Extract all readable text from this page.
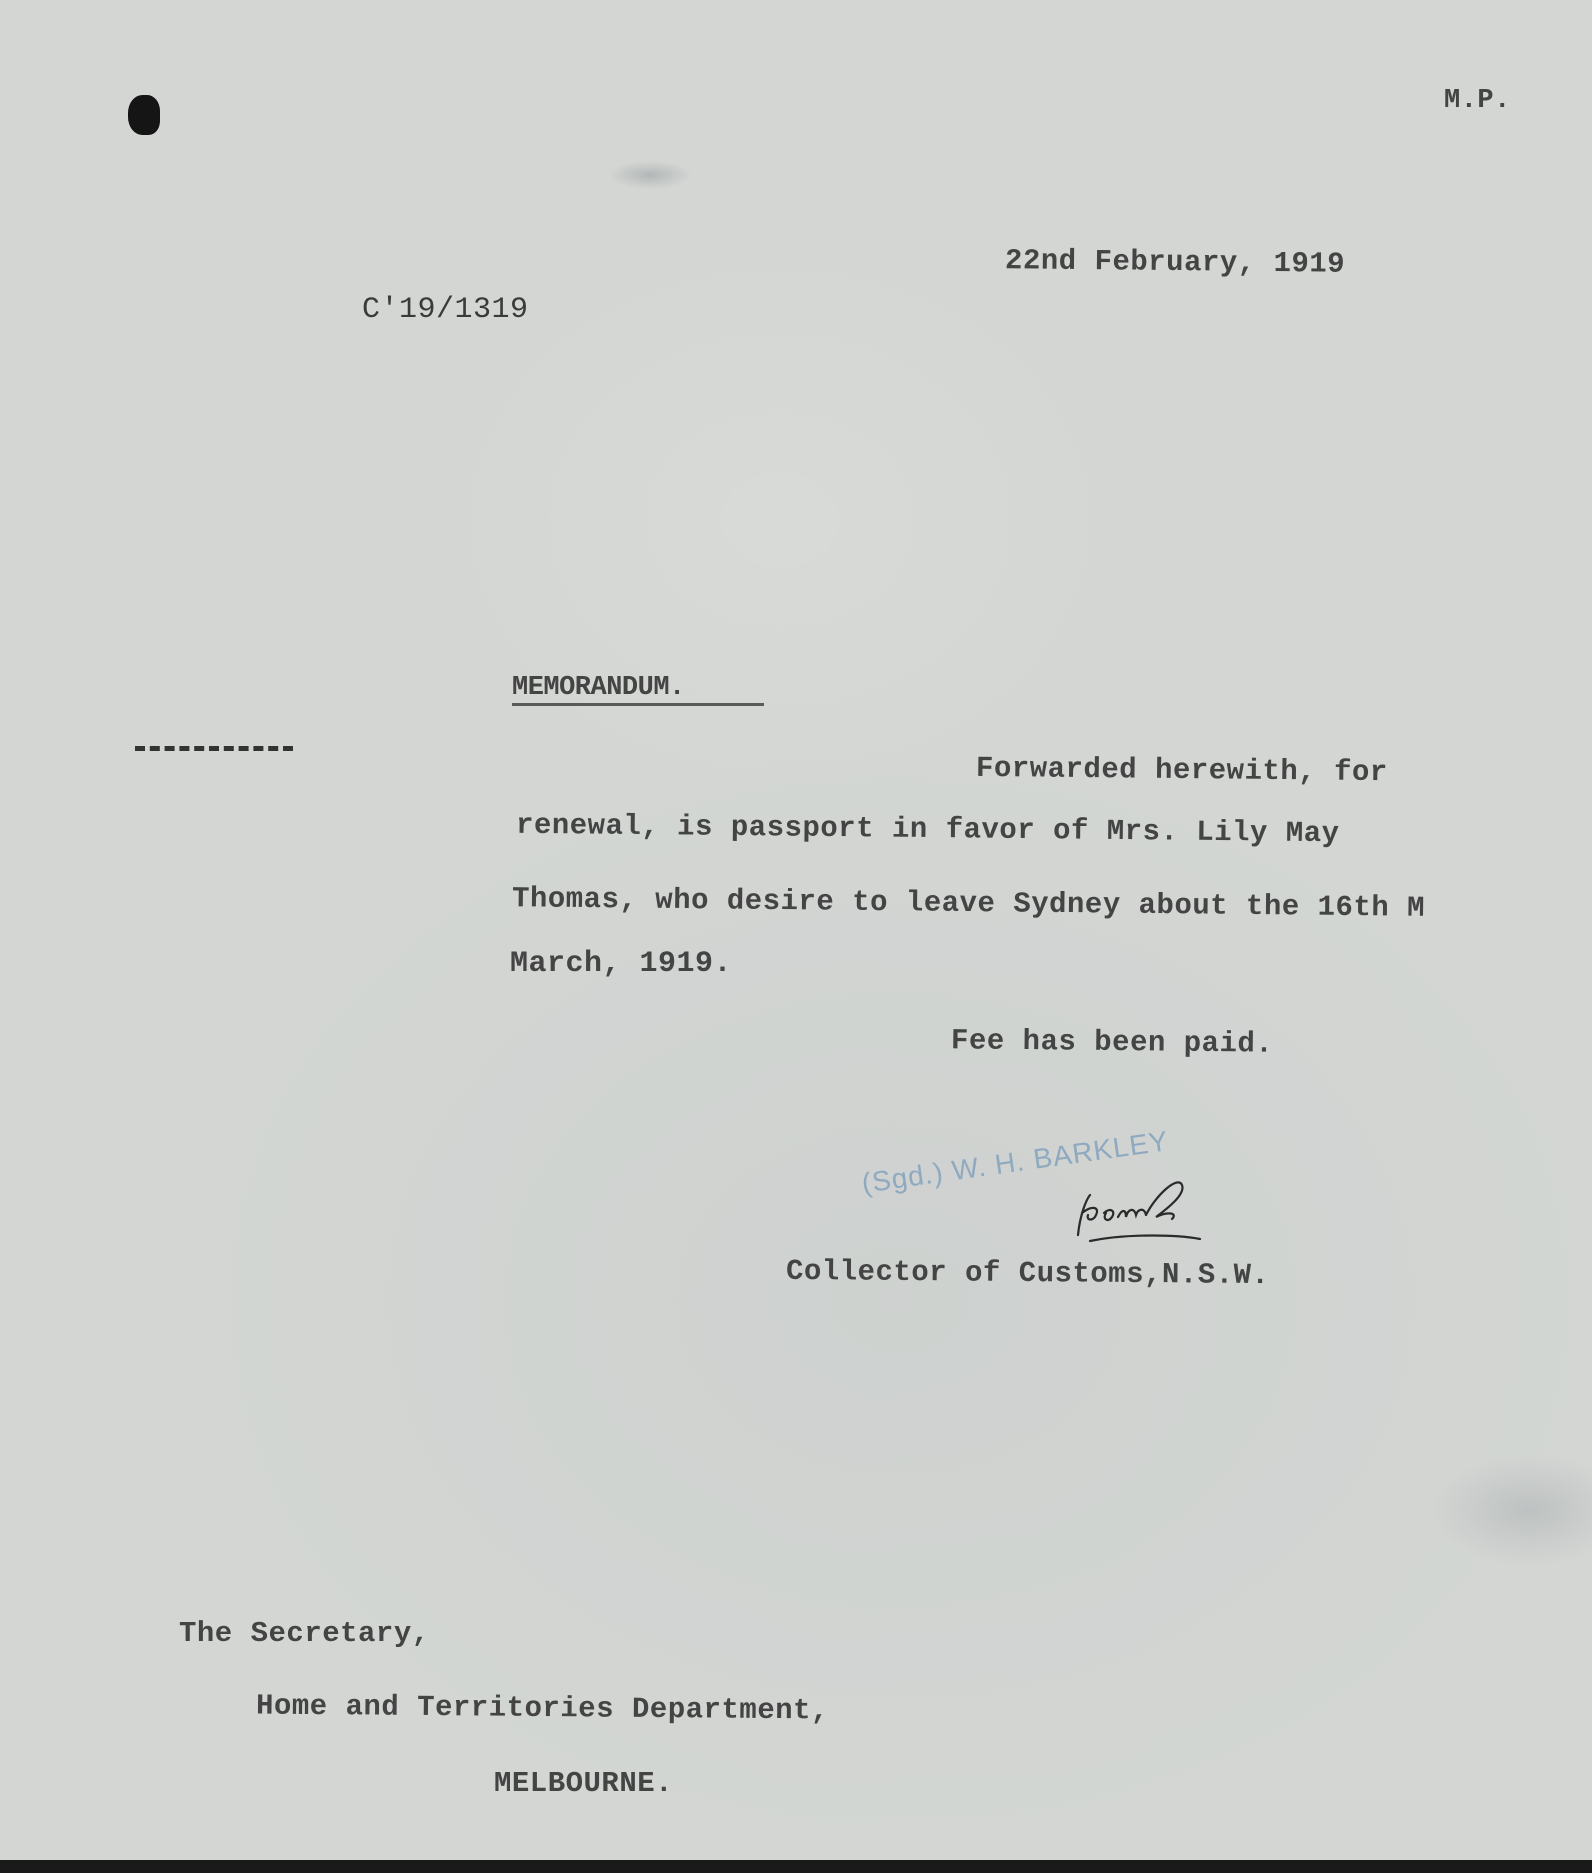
M.P.
22nd February, 1919
C'19/1319
MEMORANDUM.
Forwarded herewith, for
renewal, is passport in favor of Mrs. Lily May
Thomas, who desire to leave Sydney about the 16th M
March, 1919.
Fee has been paid.
(Sgd.) W. H. BARKLEY
Collector of Customs,N.S.W.
The Secretary,
Home and Territories Department,
MELBOURNE.
